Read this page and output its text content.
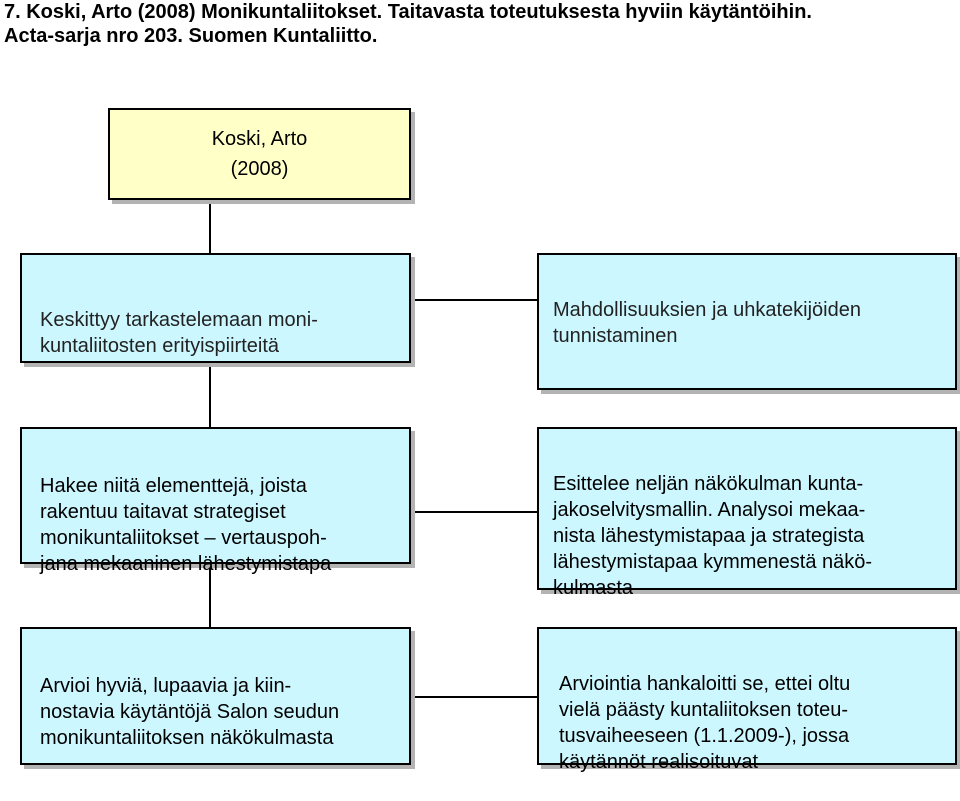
7. Koski, Arto (2008) Monikuntaliitokset. Taitavasta toteutuksesta hyviin käytäntöihin.
Acta-sarja nro 203. Suomen Kuntaliitto.
Koski, Arto
(2008)

Keskittyy tarkastelemaan moni-
kuntaliitosten erityispiirteitä

Hakee niitä elementtejä, joista
rakentuu taitavat strategiset
monikuntaliitokset – vertauspoh-
jana mekaaninen lähestymistapa

Arvioi hyviä, lupaavia ja kiin-
nostavia käytäntöjä Salon seudun
monikuntaliitoksen näkökulmasta

Mahdollisuuksien ja uhkatekijöiden
tunnistaminen

Esittelee neljän näkökulman kunta-
jakoselvitysmallin. Analysoi mekaa-
nista lähestymistapaa ja strategista
lähestymistapaa kymmenestä näkö-
kulmasta

Arviointia hankaloitti se, ettei oltu
vielä päästy kuntaliitoksen toteu-
tusvaiheeseen (1.1.2009-), jossa
käytännöt realisoituvat
